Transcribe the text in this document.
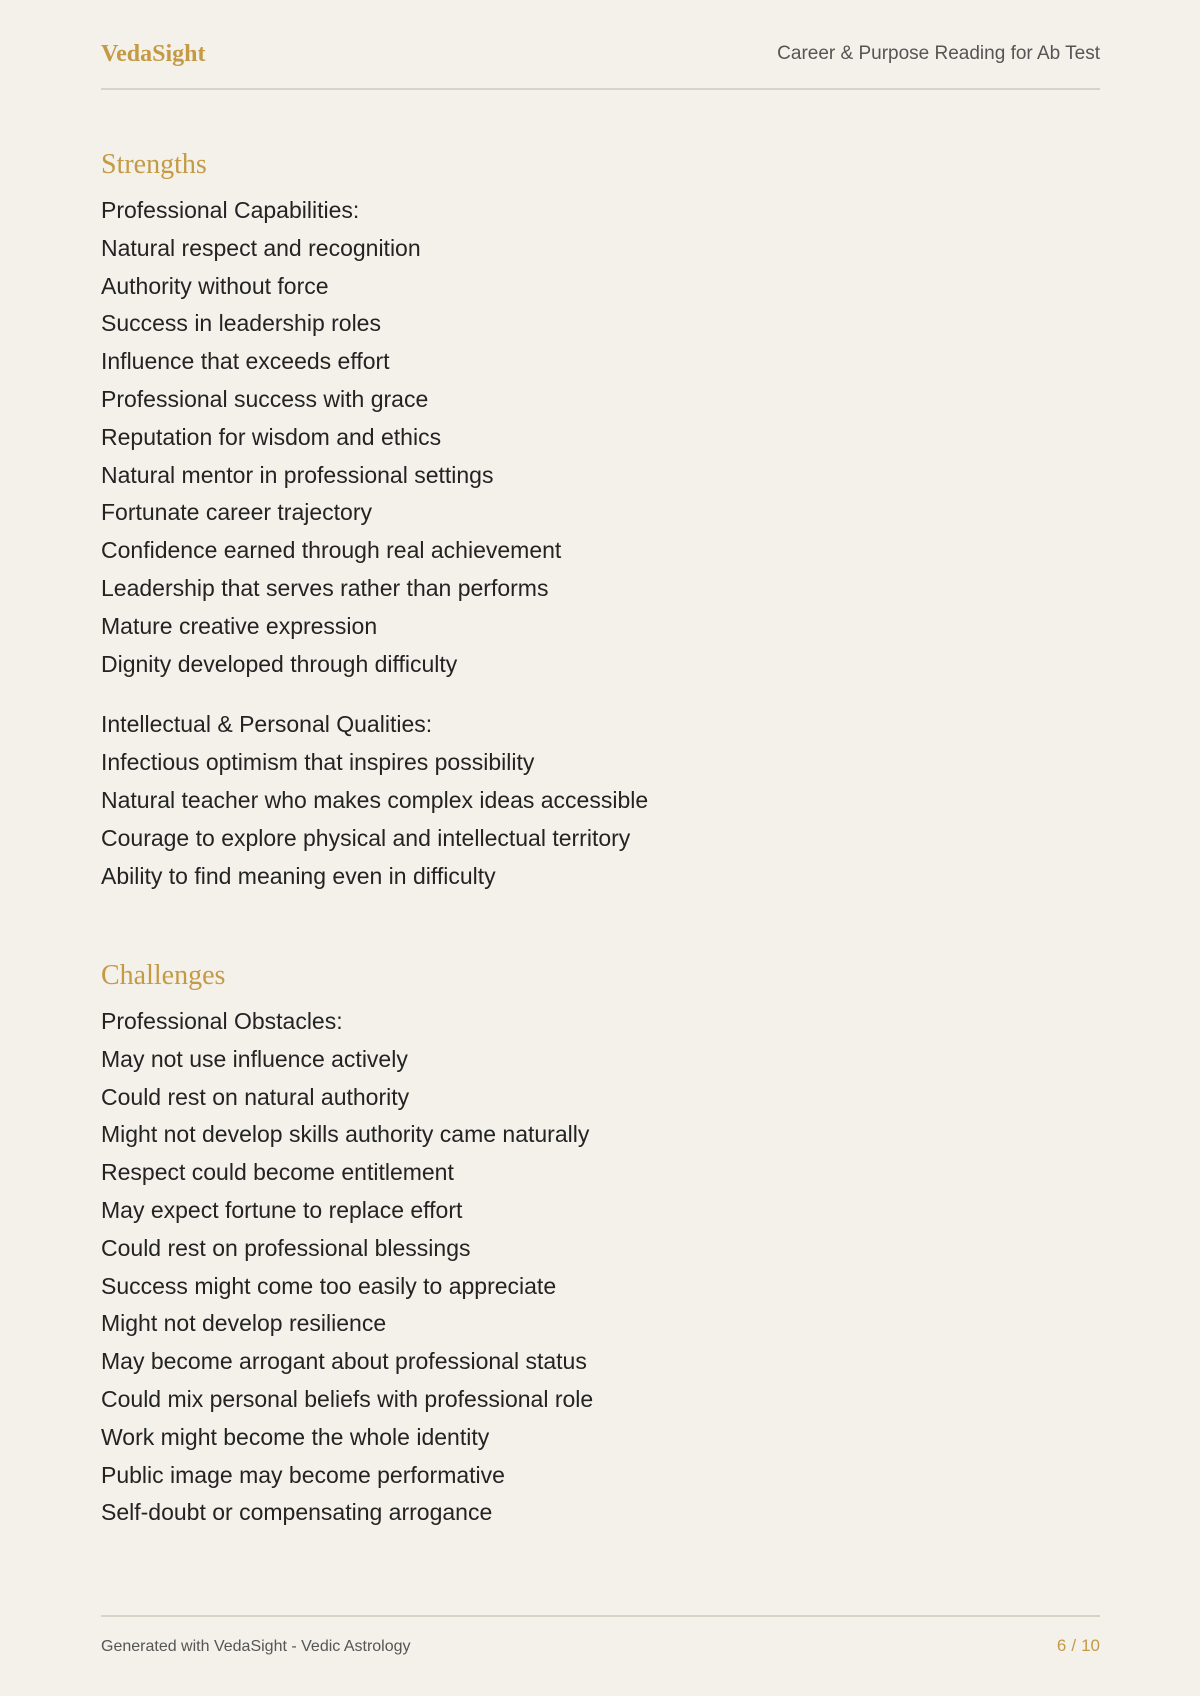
VedaSight	Career & Purpose Reading for Ab Test
Strengths
Professional Capabilities:
Natural respect and recognition
Authority without force
Success in leadership roles
Influence that exceeds effort
Professional success with grace
Reputation for wisdom and ethics
Natural mentor in professional settings
Fortunate career trajectory
Confidence earned through real achievement
Leadership that serves rather than performs
Mature creative expression
Dignity developed through difficulty
Intellectual & Personal Qualities:
Infectious optimism that inspires possibility
Natural teacher who makes complex ideas accessible
Courage to explore physical and intellectual territory
Ability to find meaning even in difficulty
Challenges
Professional Obstacles:
May not use influence actively
Could rest on natural authority
Might not develop skills authority came naturally
Respect could become entitlement
May expect fortune to replace effort
Could rest on professional blessings
Success might come too easily to appreciate
Might not develop resilience
May become arrogant about professional status
Could mix personal beliefs with professional role
Work might become the whole identity
Public image may become performative
Self-doubt or compensating arrogance
Generated with VedaSight - Vedic Astrology	6 / 10
